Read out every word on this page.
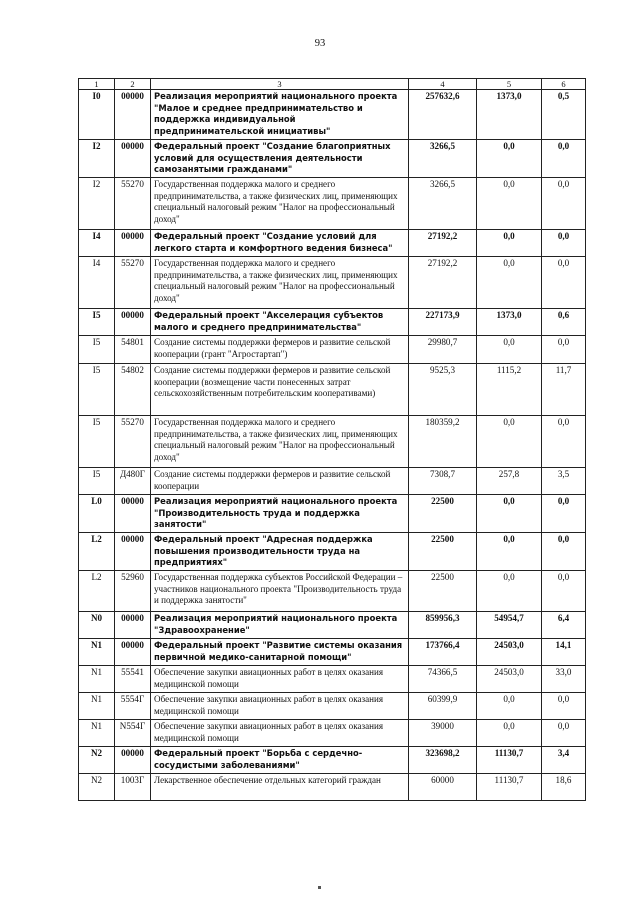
93
1	2	3	4	5	6
I0	00000	Реализация мероприятий национального проекта "Малое и среднее предпринимательство и поддержка индивидуальной предпринимательской инициативы"	257632,6	1373,0	0,5
I2	00000	Федеральный проект "Создание благоприятных условий для осуществления деятельности самозанятыми гражданами"	3266,5	0,0	0,0
I2	55270	Государственная поддержка малого и среднего предпринимательства, а также физических лиц, применяющих специальный налоговый режим "Налог на профессиональный доход"	3266,5	0,0	0,0
I4	00000	Федеральный проект "Создание условий для легкого старта и комфортного ведения бизнеса"	27192,2	0,0	0,0
I4	55270	Государственная поддержка малого и среднего предпринимательства, а также физических лиц, применяющих специальный налоговый режим "Налог на профессиональный доход"	27192,2	0,0	0,0
I5	00000	Федеральный проект "Акселерация субъектов малого и среднего предпринимательства"	227173,9	1373,0	0,6
I5	54801	Создание системы поддержки фермеров и развитие сельской кооперации (грант "Агростартап")	29980,7	0,0	0,0
I5	54802	Создание системы поддержки фермеров и развитие сельской кооперации (возмещение части понесенных затрат сельскохозяйственным потребительским кооперативами)	9525,3	1115,2	11,7
I5	55270	Государственная поддержка малого и среднего предпринимательства, а также физических лиц, применяющих специальный налоговый режим "Налог на профессиональный доход"	180359,2	0,0	0,0
I5	Д480Г	Создание системы поддержки фермеров и развитие сельской кооперации	7308,7	257,8	3,5
L0	00000	Реализация мероприятий национального проекта "Производительность труда и поддержка занятости"	22500	0,0	0,0
L2	00000	Федеральный проект "Адресная поддержка повышения производительности труда на предприятиях"	22500	0,0	0,0
L2	52960	Государственная поддержка субъектов Российской Федерации – участников национального проекта "Производительность труда и поддержка занятости"	22500	0,0	0,0
N0	00000	Реализация мероприятий национального проекта "Здравоохранение"	859956,3	54954,7	6,4
N1	00000	Федеральный проект "Развитие системы оказания первичной медико-санитарной помощи"	173766,4	24503,0	14,1
N1	55541	Обеспечение закупки авиационных работ в целях оказания медицинской помощи	74366,5	24503,0	33,0
N1	5554Г	Обеспечение закупки авиационных работ в целях оказания медицинской помощи	60399,9	0,0	0,0
N1	N554Г	Обеспечение закупки авиационных работ в целях оказания медицинской помощи	39000	0,0	0,0
N2	00000	Федеральный проект "Борьба с сердечно-сосудистыми заболеваниями"	323698,2	11130,7	3,4
N2	1003Г	Лекарственное обеспечение отдельных категорий граждан	60000	11130,7	18,6
